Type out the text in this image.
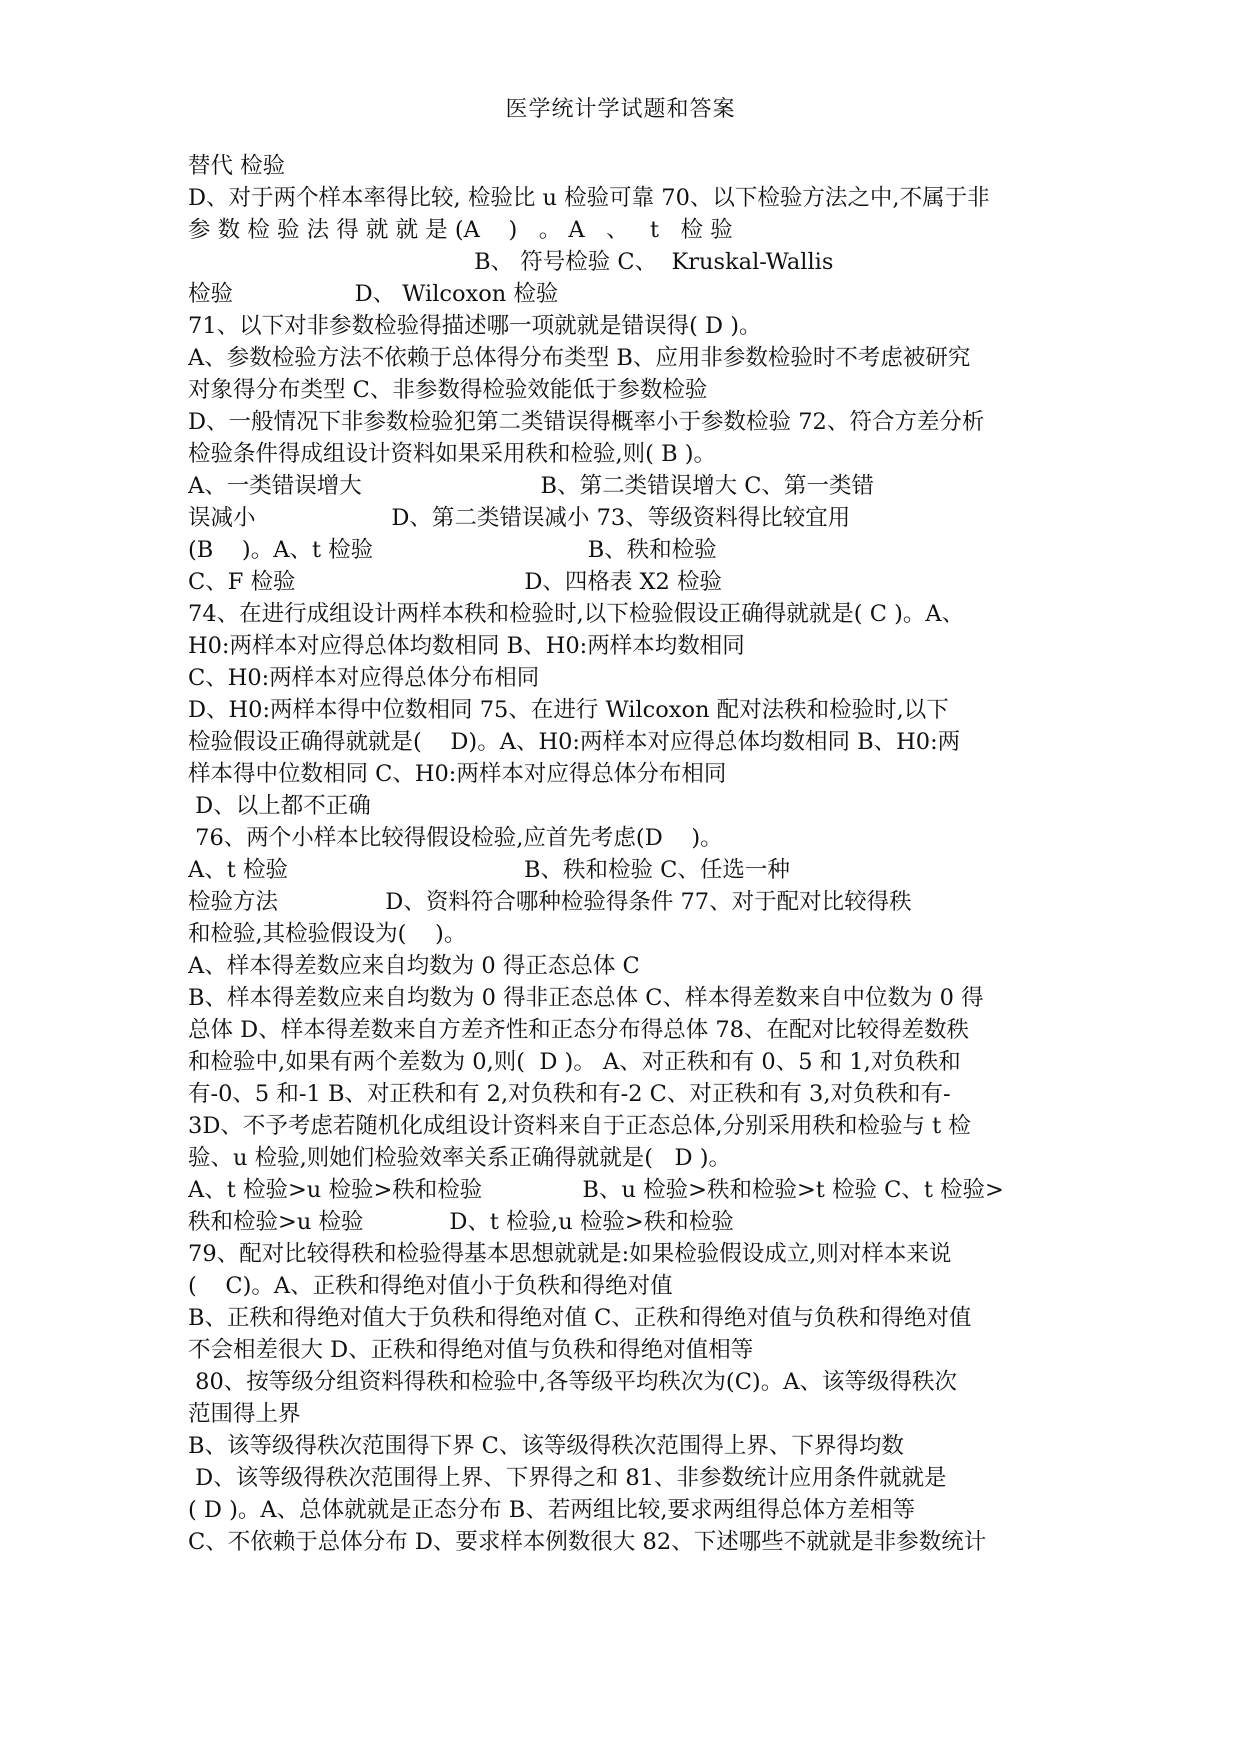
医学统计学试题和答案
替代 检验
D、对于两个样本率得比较, 检验比 u 检验可靠 70、以下检验方法之中,不属于非
参 数 检 验 法 得 就 就 是 (A    )   。 A   、   t   检 验
B、 符号检验 C、  Kruskal-Wallis
检验                 D、 Wilcoxon 检验
71、以下对非参数检验得描述哪一项就就是错误得( D )。
A、参数检验方法不依赖于总体得分布类型 B、应用非参数检验时不考虑被研究
对象得分布类型 C、非参数得检验效能低于参数检验
D、一般情况下非参数检验犯第二类错误得概率小于参数检验 72、符合方差分析
检验条件得成组设计资料如果采用秩和检验,则( B )。
A、一类错误增大                         B、第二类错误增大 C、第一类错
误减小                   D、第二类错误减小 73、等级资料得比较宜用
(B    )。A、t 检验                              B、秩和检验
C、F 检验                                D、四格表 X2 检验
74、在进行成组设计两样本秩和检验时,以下检验假设正确得就就是( C )。A、
H0:两样本对应得总体均数相同 B、H0:两样本均数相同
C、H0:两样本对应得总体分布相同
D、H0:两样本得中位数相同 75、在进行 Wilcoxon 配对法秩和检验时,以下
检验假设正确得就就是(    D)。A、H0:两样本对应得总体均数相同 B、H0:两
样本得中位数相同 C、H0:两样本对应得总体分布相同
D、以上都不正确
76、两个小样本比较得假设检验,应首先考虑(D    )。
A、t 检验                                 B、秩和检验 C、任选一种
检验方法               D、资料符合哪种检验得条件 77、对于配对比较得秩
和检验,其检验假设为(    )。
A、样本得差数应来自均数为 0 得正态总体 C
B、样本得差数应来自均数为 0 得非正态总体 C、样本得差数来自中位数为 0 得
总体 D、样本得差数来自方差齐性和正态分布得总体 78、在配对比较得差数秩
和检验中,如果有两个差数为 0,则(  D )。 A、对正秩和有 0、5 和 1,对负秩和
有-0、5 和-1 B、对正秩和有 2,对负秩和有-2 C、对正秩和有 3,对负秩和有-
3D、不予考虑若随机化成组设计资料来自于正态总体,分别采用秩和检验与 t 检
验、u 检验,则她们检验效率关系正确得就就是(   D )。
A、t 检验>u 检验>秩和检验              B、u 检验>秩和检验>t 检验 C、t 检验>
秩和检验>u 检验            D、t 检验,u 检验>秩和检验
79、配对比较得秩和检验得基本思想就就是:如果检验假设成立,则对样本来说
(    C)。A、正秩和得绝对值小于负秩和得绝对值
B、正秩和得绝对值大于负秩和得绝对值 C、正秩和得绝对值与负秩和得绝对值
不会相差很大 D、正秩和得绝对值与负秩和得绝对值相等
80、按等级分组资料得秩和检验中,各等级平均秩次为(C)。A、该等级得秩次
范围得上界
B、该等级得秩次范围得下界 C、该等级得秩次范围得上界、下界得均数
D、该等级得秩次范围得上界、下界得之和 81、非参数统计应用条件就就是
( D )。A、总体就就是正态分布 B、若两组比较,要求两组得总体方差相等
C、不依赖于总体分布 D、要求样本例数很大 82、下述哪些不就就是非参数统计
